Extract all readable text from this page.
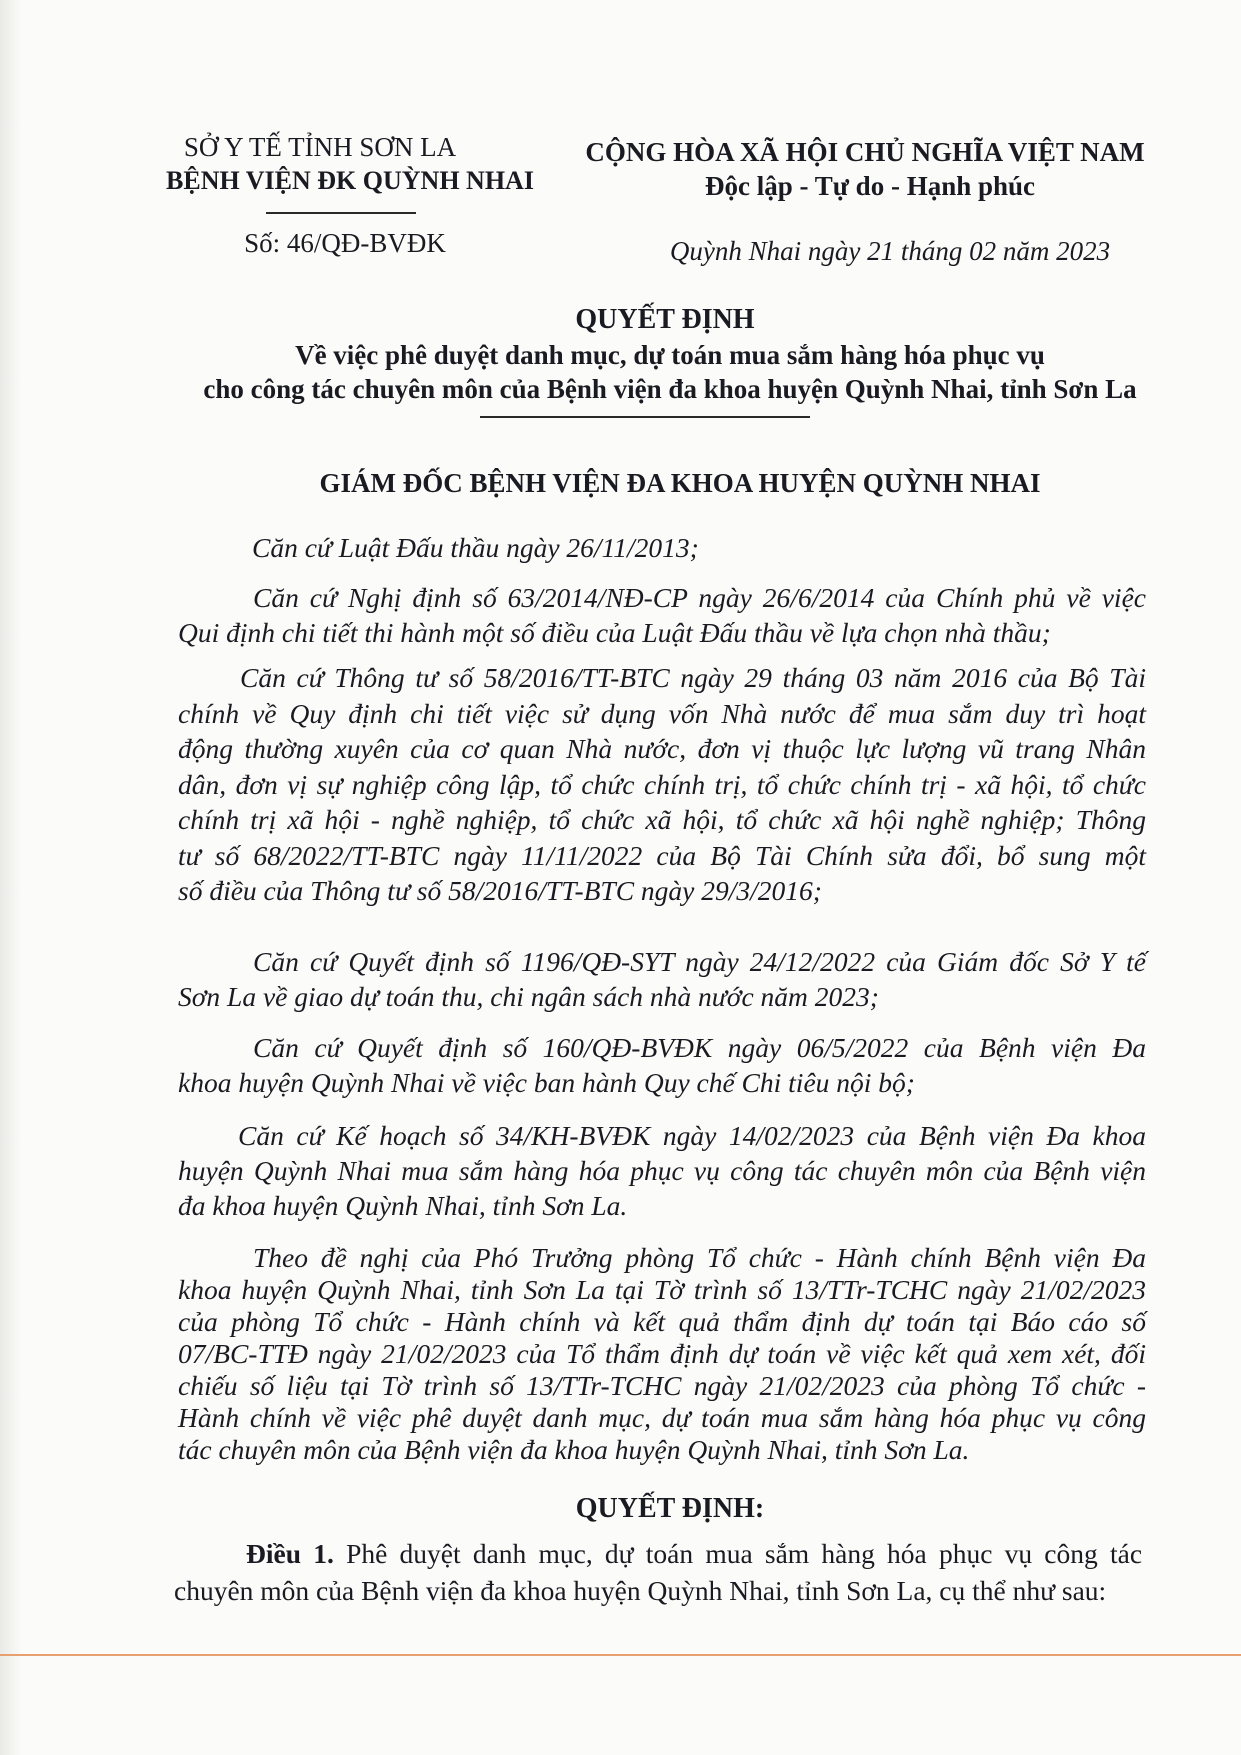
SỞ Y TẾ TỈNH SƠN LA
BỆNH VIỆN ĐK QUỲNH NHAI
Số: 46/QĐ-BVĐK
CỘNG HÒA XÃ HỘI CHỦ NGHĨA VIỆT NAM
Độc lập - Tự do - Hạnh phúc
Quỳnh Nhai ngày 21 tháng 02 năm 2023
QUYẾT ĐỊNH
Về việc phê duyệt danh mục, dự toán mua sắm hàng hóa phục vụ
cho công tác chuyên môn của Bệnh viện đa khoa huyện Quỳnh Nhai, tỉnh Sơn La
GIÁM ĐỐC BỆNH VIỆN ĐA KHOA HUYỆN QUỲNH NHAI
Căn cứ Luật Đấu thầu ngày 26/11/2013;
Căn cứ Nghị định số 63/2014/NĐ-CP ngày 26/6/2014 của Chính phủ về việc
Qui định chi tiết thi hành một số điều của Luật Đấu thầu về lựa chọn nhà thầu;
Căn cứ Thông tư số 58/2016/TT-BTC ngày 29 tháng 03 năm 2016 của Bộ Tài
chính về Quy định chi tiết việc sử dụng vốn Nhà nước để mua sắm duy trì hoạt
động thường xuyên của cơ quan Nhà nước, đơn vị thuộc lực lượng vũ trang Nhân
dân, đơn vị sự nghiệp công lập, tổ chức chính trị, tổ chức chính trị - xã hội, tổ chức
chính trị xã hội - nghề nghiệp, tổ chức xã hội, tổ chức xã hội nghề nghiệp; Thông
tư số 68/2022/TT-BTC ngày 11/11/2022 của Bộ Tài Chính sửa đổi, bổ sung một
số điều của Thông tư số 58/2016/TT-BTC ngày 29/3/2016;
Căn cứ Quyết định số 1196/QĐ-SYT ngày 24/12/2022 của Giám đốc Sở Y tế
Sơn La về giao dự toán thu, chi ngân sách nhà nước năm 2023;
Căn cứ Quyết định số 160/QĐ-BVĐK ngày 06/5/2022 của Bệnh viện Đa
khoa huyện Quỳnh Nhai về việc ban hành Quy chế Chi tiêu nội bộ;
Căn cứ Kế hoạch số 34/KH-BVĐK ngày 14/02/2023 của Bệnh viện Đa khoa
huyện Quỳnh Nhai mua sắm hàng hóa phục vụ công tác chuyên môn của Bệnh viện
đa khoa huyện Quỳnh Nhai, tỉnh Sơn La.
Theo đề nghị của Phó Trưởng phòng Tổ chức - Hành chính Bệnh viện Đa
khoa huyện Quỳnh Nhai, tỉnh Sơn La tại Tờ trình số 13/TTr-TCHC ngày 21/02/2023
của phòng Tổ chức - Hành chính và kết quả thẩm định dự toán tại Báo cáo số
07/BC-TTĐ ngày 21/02/2023 của Tổ thẩm định dự toán về việc kết quả xem xét, đối
chiếu số liệu tại Tờ trình số 13/TTr-TCHC ngày 21/02/2023 của phòng Tổ chức -
Hành chính về việc phê duyệt danh mục, dự toán mua sắm hàng hóa phục vụ công
tác chuyên môn của Bệnh viện đa khoa huyện Quỳnh Nhai, tỉnh Sơn La.
QUYẾT ĐỊNH:
Điều 1. Phê duyệt danh mục, dự toán mua sắm hàng hóa phục vụ công tác
chuyên môn của Bệnh viện đa khoa huyện Quỳnh Nhai, tỉnh Sơn La, cụ thể như sau:
